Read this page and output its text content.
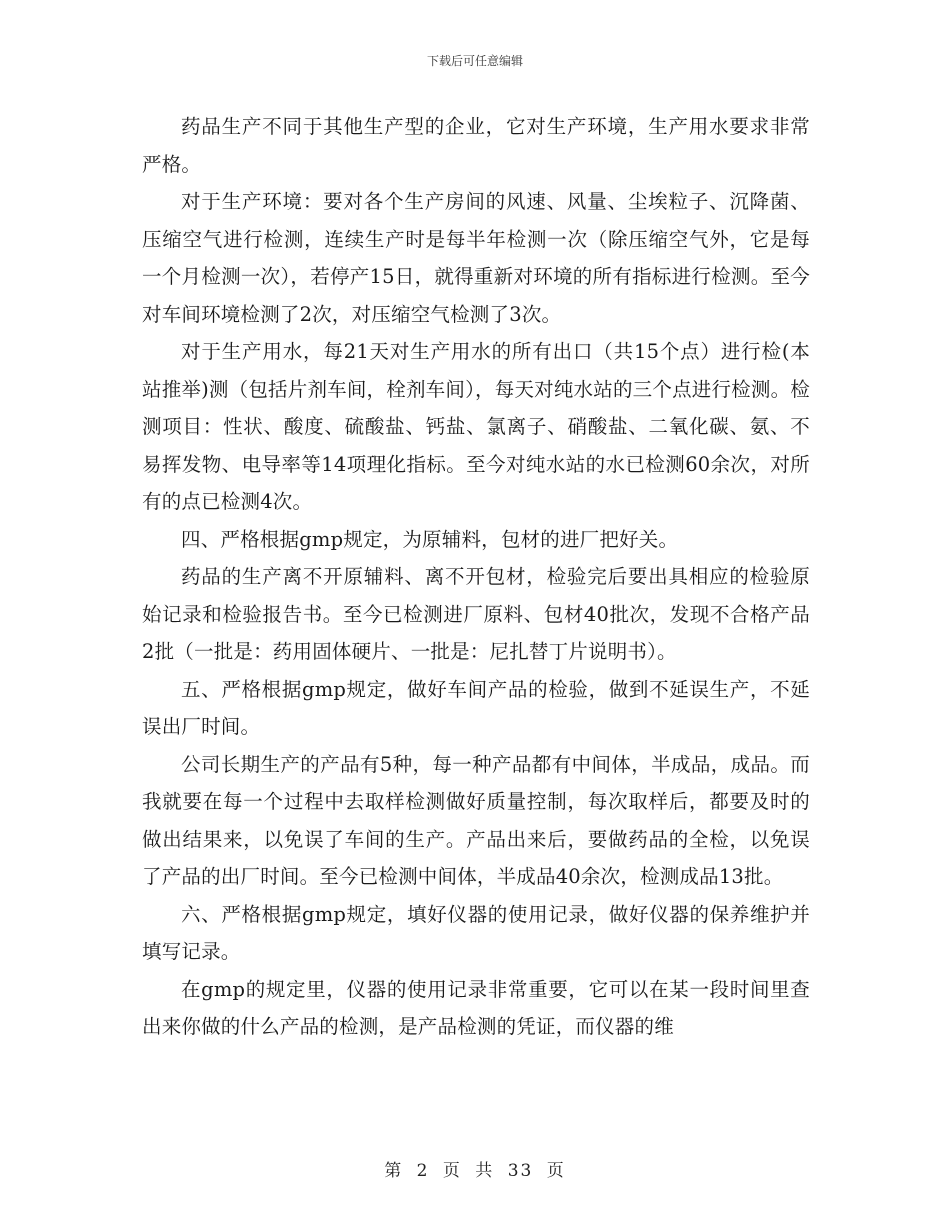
下载后可任意编辑

药品生产不同于其他生产型的企业，它对生产环境，生产用水要求非常严格。

对于生产环境：要对各个生产房间的风速、风量、尘埃粒子、沉降菌、压缩空气进行检测，连续生产时是每半年检测一次（除压缩空气外，它是每一个月检测一次），若停产15日，就得重新对环境的所有指标进行检测。至今对车间环境检测了2次，对压缩空气检测了3次。

对于生产用水，每21天对生产用水的所有出口（共15个点）进行检(本站推举)测（包括片剂车间，栓剂车间），每天对纯水站的三个点进行检测。检测项目：性状、酸度、硫酸盐、钙盐、氯离子、硝酸盐、二氧化碳、氨、不易挥发物、电导率等14项理化指标。至今对纯水站的水已检测60余次，对所有的点已检测4次。

四、严格根据gmp规定，为原辅料，包材的进厂把好关。

药品的生产离不开原辅料、离不开包材，检验完后要出具相应的检验原始记录和检验报告书。至今已检测进厂原料、包材40批次，发现不合格产品2批（一批是：药用固体硬片、一批是：尼扎替丁片说明书）。

五、严格根据gmp规定，做好车间产品的检验，做到不延误生产，不延误出厂时间。

公司长期生产的产品有5种，每一种产品都有中间体，半成品，成品。而我就要在每一个过程中去取样检测做好质量控制，每次取样后，都要及时的做出结果来，以免误了车间的生产。产品出来后，要做药品的全检，以免误了产品的出厂时间。至今已检测中间体，半成品40余次，检测成品13批。

六、严格根据gmp规定，填好仪器的使用记录，做好仪器的保养维护并填写记录。

在gmp的规定里，仪器的使用记录非常重要，它可以在某一段时间里查出来你做的什么产品的检测，是产品检测的凭证，而仪器的维

第 2 页 共 33 页
